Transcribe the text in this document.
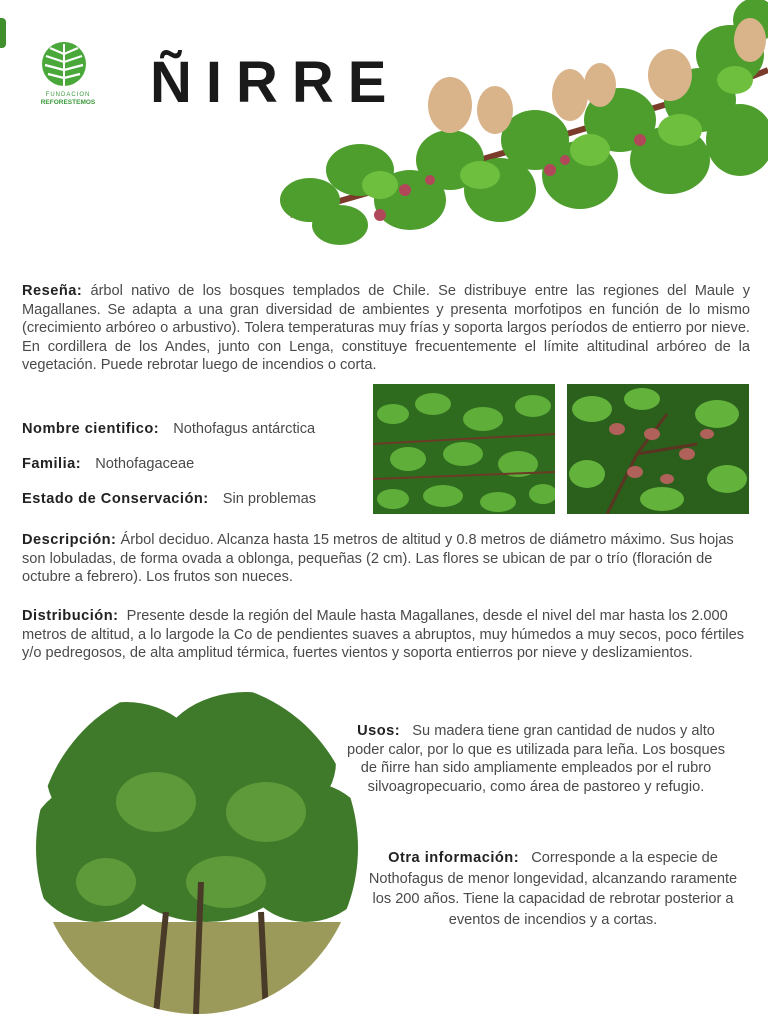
FUNDACION
REFORESTEMOS ÑIRRE

Reseña: árbol nativo de los bosques templados de Chile. Se distribuye entre las regiones del Maule y Magallanes. Se adapta a una gran diversidad de ambientes y presenta morfotipos en función de lo mismo (crecimiento arbóreo o arbustivo). Tolera temperaturas muy frías y soporta largos períodos de entierro por nieve. En cordillera de los Andes, junto con Lenga, constituye frecuentemente el límite altitudinal arbóreo de la vegetación. Puede rebrotar luego de incendios o corta.

Nombre cientifico: Nothofagus antárctica
Familia: Nothofagaceae
Estado de Conservación: Sin problemas

Descripción: Árbol deciduo. Alcanza hasta 15 metros de altitud y 0.8 metros de diámetro máximo. Sus hojas son lobuladas, de forma ovada a oblonga, pequeñas (2 cm). Las flores se ubican de par o trío (floración de octubre a febrero). Los frutos son nueces.

Distribución: Presente desde la región del Maule hasta Magallanes, desde el nivel del mar hasta los 2.000 metros de altitud, a lo largode la Co de pendientes suaves a abruptos, muy húmedos a muy secos, poco fértiles y/o pedregosos, de alta amplitud térmica, fuertes vientos y soporta entierros por nieve y deslizamientos.

Usos: Su madera tiene gran cantidad de nudos y alto

poder calor, por lo que es utilizada para leña. Los bosques

de ñirre han sido ampliamente empleados por el rubro

silvoagropecuario, como área de pastoreo y refugio.

Otra información: Corresponde a la especie de

Nothofagus de menor longevidad, alcanzando raramente

los 200 años. Tiene la capacidad de rebrotar posterior a

eventos de incendios y a cortas.
